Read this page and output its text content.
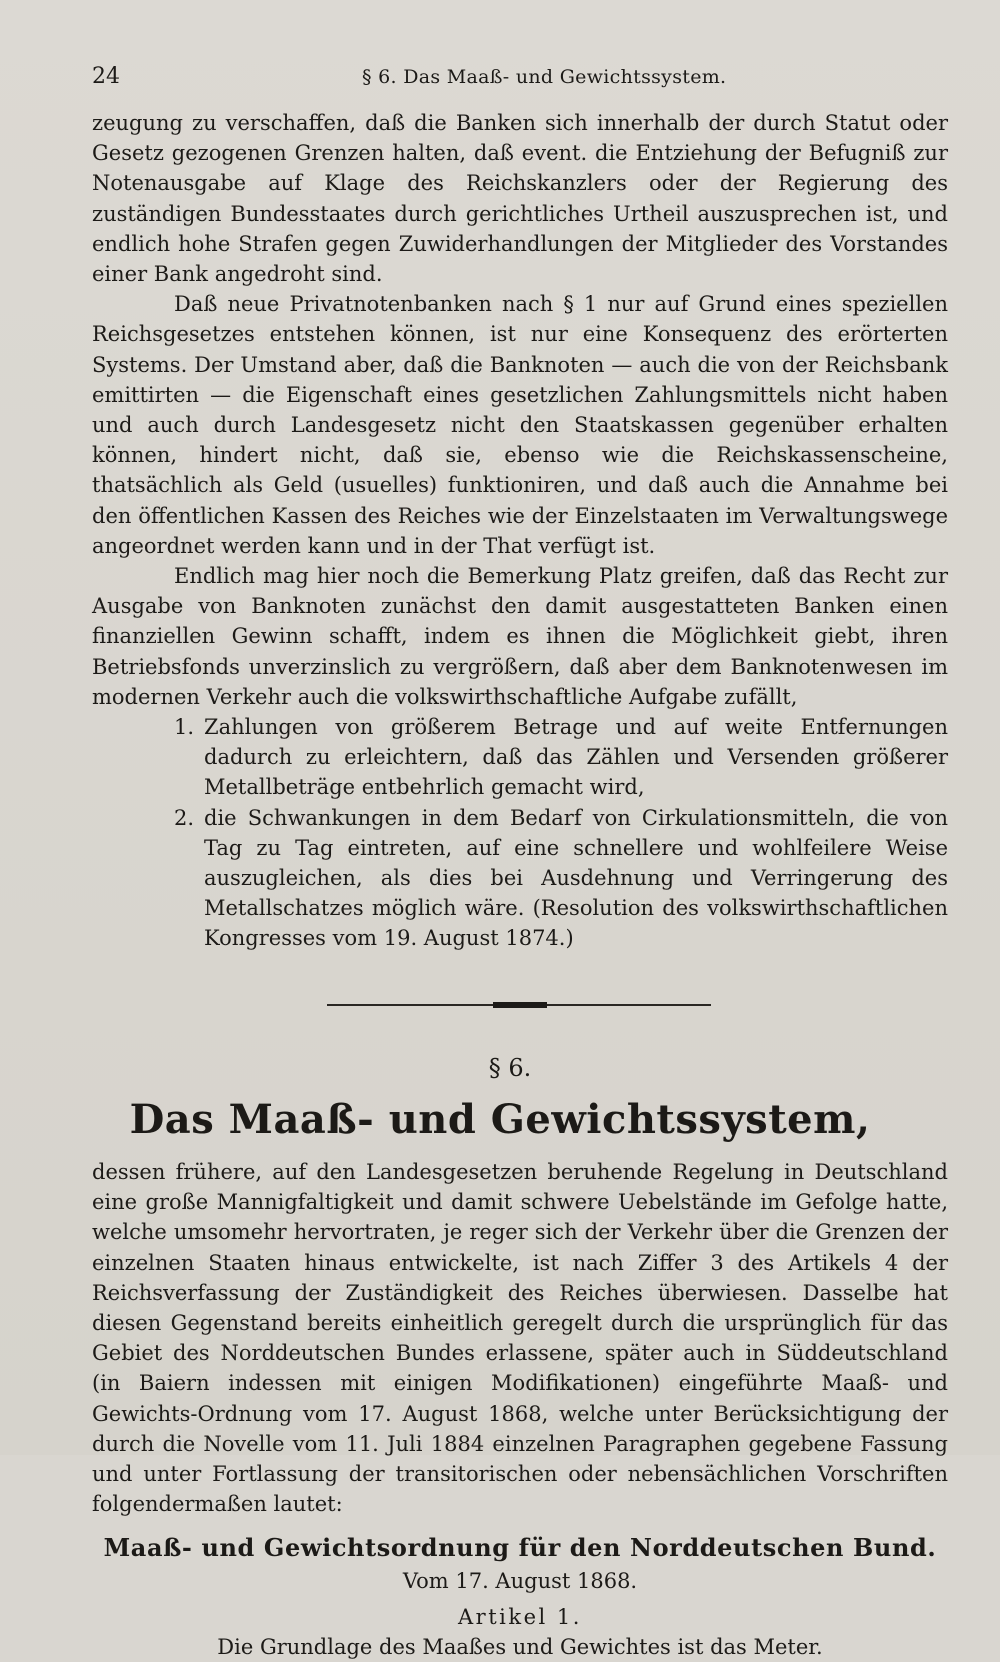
24	§ 6. Das Maaß- und Gewichtssystem.

zeugung zu verschaffen, daß die Banken sich innerhalb der durch Statut oder Gesetz gezogenen Grenzen halten, daß event. die Entziehung der Befugniß zur Notenausgabe auf Klage des Reichskanzlers oder der Regierung des zuständigen Bundesstaates durch gerichtliches Urtheil auszusprechen ist, und endlich hohe Strafen gegen Zuwiderhandlungen der Mitglieder des Vorstandes einer Bank angedroht sind.

Daß neue Privatnotenbanken nach § 1 nur auf Grund eines speziellen Reichsgesetzes entstehen können, ist nur eine Konsequenz des erörterten Systems. Der Umstand aber, daß die Banknoten — auch die von der Reichsbank emittirten — die Eigenschaft eines gesetzlichen Zahlungsmittels nicht haben und auch durch Landesgesetz nicht den Staatskassen gegenüber erhalten können, hindert nicht, daß sie, ebenso wie die Reichskassenscheine, thatsächlich als Geld (usuelles) funktioniren, und daß auch die Annahme bei den öffentlichen Kassen des Reiches wie der Einzelstaaten im Verwaltungswege angeordnet werden kann und in der That verfügt ist.

Endlich mag hier noch die Bemerkung Platz greifen, daß das Recht zur Ausgabe von Banknoten zunächst den damit ausgestatteten Banken einen finanziellen Gewinn schafft, indem es ihnen die Möglichkeit giebt, ihren Betriebsfonds unverzinslich zu vergrößern, daß aber dem Banknotenwesen im modernen Verkehr auch die volkswirthschaftliche Aufgabe zufällt,

1. Zahlungen von größerem Betrage und auf weite Entfernungen dadurch zu erleichtern, daß das Zählen und Versenden größerer Metallbeträge entbehrlich gemacht wird,
2. die Schwankungen in dem Bedarf von Cirkulationsmitteln, die von Tag zu Tag eintreten, auf eine schnellere und wohlfeilere Weise auszugleichen, als dies bei Ausdehnung und Verringerung des Metallschatzes möglich wäre. (Resolution des volkswirthschaftlichen Kongresses vom 19. August 1874.)
§ 6.
Das Maaß- und Gewichtssystem,

dessen frühere, auf den Landesgesetzen beruhende Regelung in Deutschland eine große Mannigfaltigkeit und damit schwere Uebelstände im Gefolge hatte, welche umsomehr hervortraten, je reger sich der Verkehr über die Grenzen der einzelnen Staaten hinaus entwickelte, ist nach Ziffer 3 des Artikels 4 der Reichsverfassung der Zuständigkeit des Reiches überwiesen. Dasselbe hat diesen Gegenstand bereits einheitlich geregelt durch die ursprünglich für das Gebiet des Norddeutschen Bundes erlassene, später auch in Süddeutschland (in Baiern indessen mit einigen Modifikationen) eingeführte Maaß- und Gewichts-Ordnung vom 17. August 1868, welche unter Berücksichtigung der durch die Novelle vom 11. Juli 1884 einzelnen Paragraphen gegebene Fassung und unter Fortlassung der transitorischen oder nebensächlichen Vorschriften folgendermaßen lautet:

Maaß- und Gewichtsordnung für den Norddeutschen Bund.
Vom 17. August 1868.
Artikel 1.
Die Grundlage des Maaßes und Gewichtes ist das Meter.
